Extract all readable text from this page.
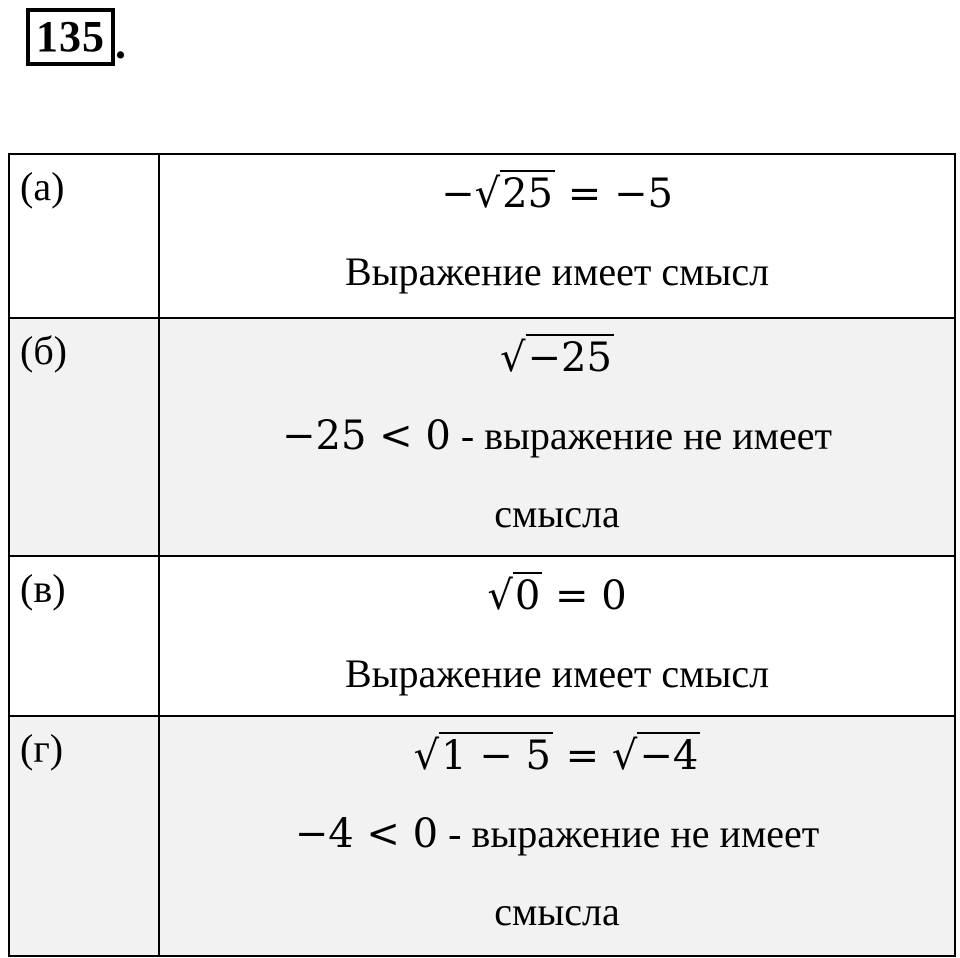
135 .
(а)	−√25 = −5
Выражение имеет смысл

(б)	√−25
−25 < 0 - выражение не имеет
смысла

(в)	√0 = 0
Выражение имеет смысл

(г)	√1 − 5 = √−4
−4 < 0 - выражение не имеет
смысла
